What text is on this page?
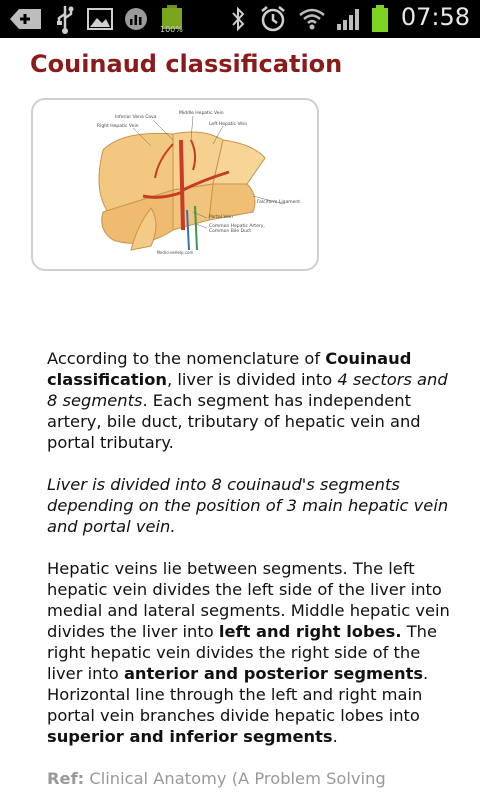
100%	07:58
Couinaud classification
Inferior Vena Cava
Middle Hepatic Vein
Right Hepatic Vein	Left Hepatic Vein
Falciform Ligament
Portal Vein
Common Hepatic Artery, Common Bile Duct
MedicineHelp.com

According to the nomenclature of Couinaud classification, liver is divided into 4 sectors and 8 segments. Each segment has independent artery, bile duct, tributary of hepatic vein and portal tributary.

Liver is divided into 8 couinaud's segments depending on the position of 3 main hepatic vein and portal vein.

Hepatic veins lie between segments. The left hepatic vein divides the left side of the liver into medial and lateral segments. Middle hepatic vein divides the liver into left and right lobes. The right hepatic vein divides the right side of the liver into anterior and posterior segments. Horizontal line through the left and right main portal vein branches divide hepatic lobes into superior and inferior segments.

Ref: Clinical Anatomy (A Problem Solving
